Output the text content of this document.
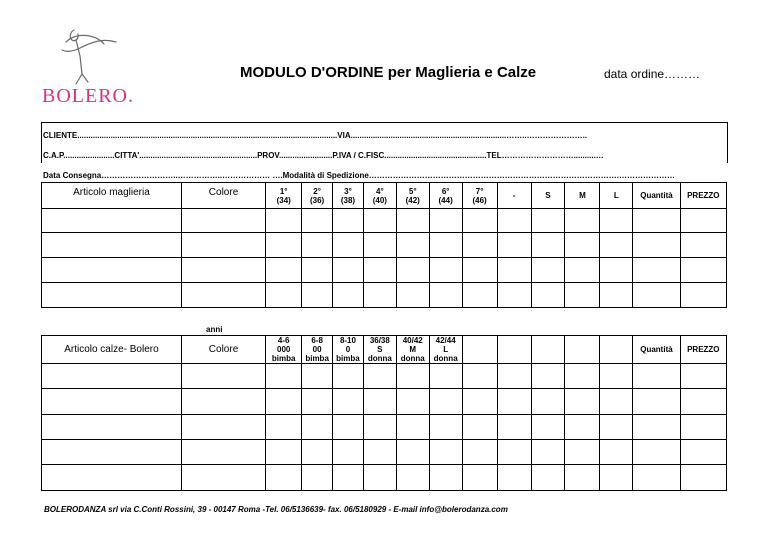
BOLERO.
MODULO D'ORDINE per Maglieria e Calze	data ordine………
CLIENTE.....................................................................................................................VIA......................................................................……..…………………..
C.A.P.......................CITTA'.....................................................PROV........................P.IVA / C.FISC..............................................TEL………………………..........…
Data Consegna………………………..……………..……………… ….Modalità di Spedizione………………………………………………………………………………….…………………
Articolo maglieria	Colore	1°
(34)	2°
(36)	3°
(38)	4°
(40)	5°
(42)	6°
(44)	7°
(46)	-	S	M	L	Quantità	PREZZO

anni
Articolo calze- Bolero	Colore	4-6
000
bimba	6-8
00
bimba	8-10
0
bimba	36/38
S
donna	40/42
M
donna	42/44
L
donna						Quantità	PREZZO

BOLERODANZA srl via C.Conti Rossini, 39 - 00147 Roma -Tel. 06/5136639- fax. 06/5180929 - E-mail info@bolerodanza.com
